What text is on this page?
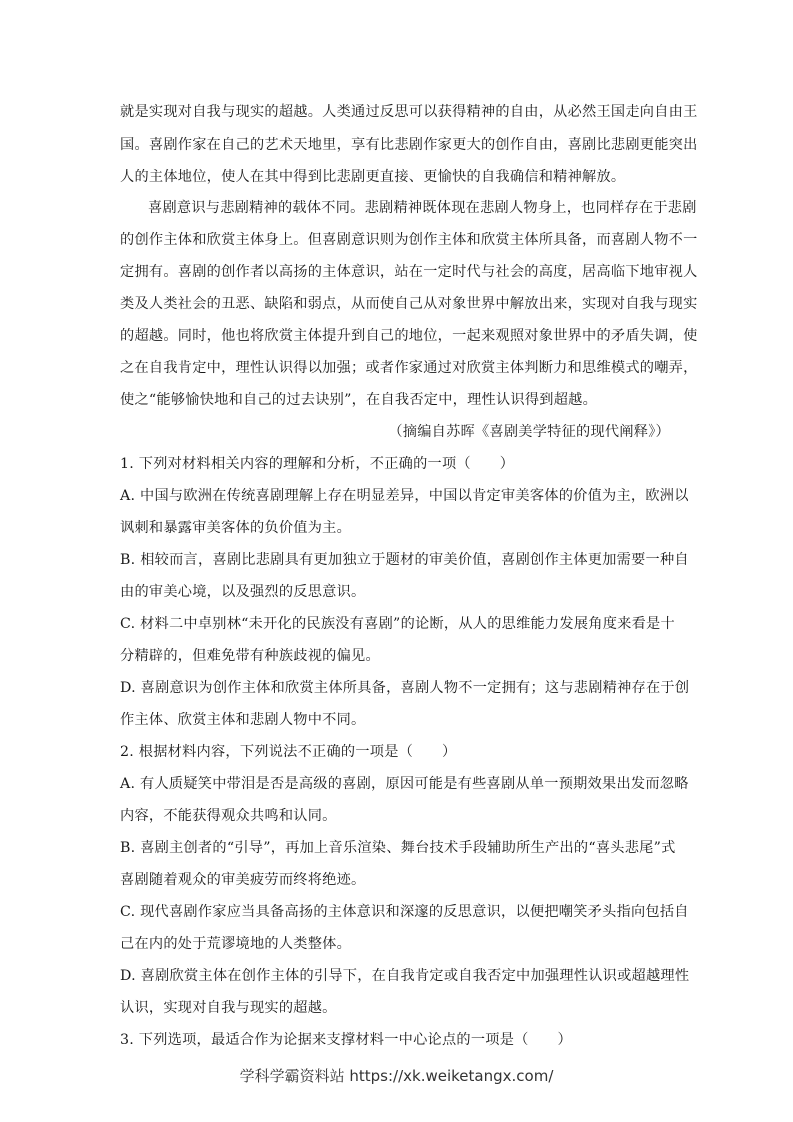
就是实现对自我与现实的超越。人类通过反思可以获得精神的自由，从必然王国走向自由王
国。喜剧作家在自己的艺术天地里，享有比悲剧作家更大的创作自由，喜剧比悲剧更能突出
人的主体地位，使人在其中得到比悲剧更直接、更愉快的自我确信和精神解放。
喜剧意识与悲剧精神的载体不同。悲剧精神既体现在悲剧人物身上，也同样存在于悲剧
的创作主体和欣赏主体身上。但喜剧意识则为创作主体和欣赏主体所具备，而喜剧人物不一
定拥有。喜剧的创作者以高扬的主体意识，站在一定时代与社会的高度，居高临下地审视人
类及人类社会的丑恶、缺陷和弱点，从而使自己从对象世界中解放出来，实现对自我与现实
的超越。同时，他也将欣赏主体提升到自己的地位，一起来观照对象世界中的矛盾失调，使
之在自我肯定中，理性认识得以加强；或者作家通过对欣赏主体判断力和思维模式的嘲弄，
使之“能够愉快地和自己的过去诀别”，在自我否定中，理性认识得到超越。
（摘编自苏晖《喜剧美学特征的现代阐释》）
1. 下列对材料相关内容的理解和分析，不正确的一项（　　）
A. 中国与欧洲在传统喜剧理解上存在明显差异，中国以肯定审美客体的价值为主，欧洲以
讽刺和暴露审美客体的负价值为主。
B. 相较而言，喜剧比悲剧具有更加独立于题材的审美价值，喜剧创作主体更加需要一种自
由的审美心境，以及强烈的反思意识。
C. 材料二中卓别林“未开化的民族没有喜剧”的论断，从人的思维能力发展角度来看是十
分精辟的，但难免带有种族歧视的偏见。
D. 喜剧意识为创作主体和欣赏主体所具备，喜剧人物不一定拥有；这与悲剧精神存在于创
作主体、欣赏主体和悲剧人物中不同。
2. 根据材料内容，下列说法不正确的一项是（　　）
A. 有人质疑笑中带泪是否是高级的喜剧，原因可能是有些喜剧从单一预期效果出发而忽略
内容，不能获得观众共鸣和认同。
B. 喜剧主创者的“引导”，再加上音乐渲染、舞台技术手段辅助所生产出的“喜头悲尾”式
喜剧随着观众的审美疲劳而终将绝迹。
C. 现代喜剧作家应当具备高扬的主体意识和深邃的反思意识，以便把嘲笑矛头指向包括自
己在内的处于荒谬境地的人类整体。
D. 喜剧欣赏主体在创作主体的引导下，在自我肯定或自我否定中加强理性认识或超越理性
认识，实现对自我与现实的超越。
3. 下列选项，最适合作为论据来支撑材料一中心论点的一项是（　　）
学科学霸资料站 https://xk.weiketangx.com/
